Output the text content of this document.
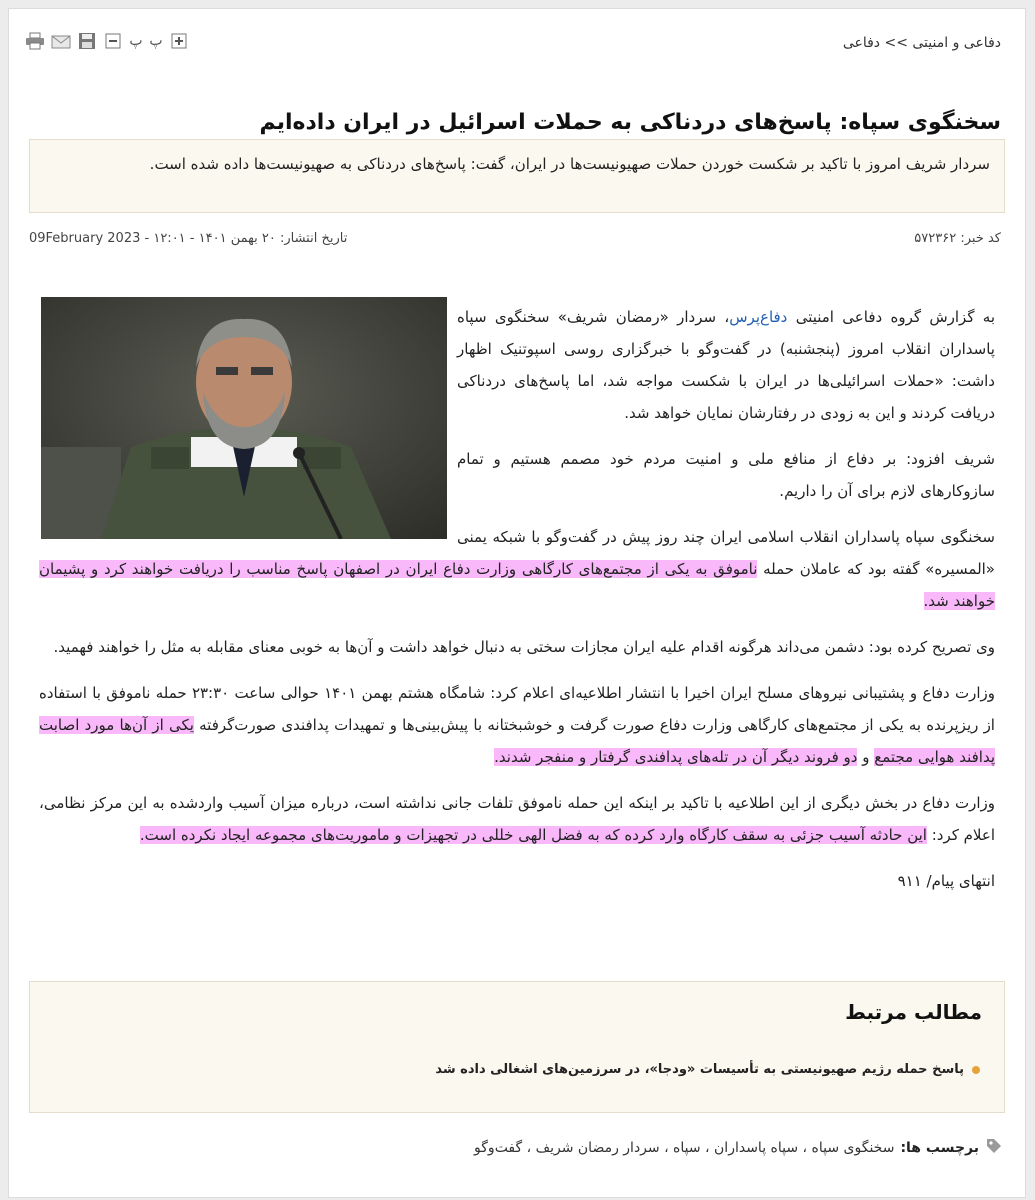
دفاعی و امنیتی >> دفاعی
پ پ
سخنگوی سپاه: پاسخ‌های دردناکی به حملات اسرائیل در ایران داده‌ایم
سردار شریف امروز با تاکید بر شکست خوردن حملات صهیونیست‌ها در ایران، گفت: پاسخ‌های دردناکی به صهیونیست‌ها داده شده است.
کد خبر: ۵۷۲۳۶۲
تاریخ انتشار: ۲۰ بهمن ۱۴۰۱ - ۱۲:۰۱ - 09February 2023

به گزارش گروه دفاعی امنیتی دفاع‌پرس، سردار «رمضان شریف» سخنگوی سپاه پاسداران انقلاب امروز (پنجشنبه) در گفت‌وگو با خبرگزاری روسی اسپوتنیک اظهار داشت: «حملات اسرائیلی‌ها در ایران با شکست مواجه شد، اما پاسخ‌های دردناکی دریافت کردند و این به زودی در رفتارشان نمایان خواهد شد.

شریف افزود: بر دفاع از منافع ملی و امنیت مردم خود مصمم هستیم و تمام سازوکارهای لازم برای آن را داریم.

سخنگوی سپاه پاسداران انقلاب اسلامی ایران چند روز پیش در گفت‌وگو با شبکه یمنی «المسیره» گفته بود که عاملان حمله ناموفق به یکی از مجتمع‌های کارگاهی وزارت دفاع ایران در اصفهان پاسخ مناسب را دریافت خواهند کرد و پشیمان خواهند شد.

وی تصریح کرده بود: دشمن می‌داند هرگونه اقدام علیه ایران مجازات سختی به دنبال خواهد داشت و آن‌ها به خوبی معنای مقابله به مثل را خواهند فهمید.

وزارت دفاع و پشتیبانی نیروهای مسلح ایران اخیرا با انتشار اطلاعیه‌ای اعلام کرد: شامگاه هشتم بهمن ۱۴۰۱ حوالی ساعت ۲۳:۳۰ حمله ناموفق با استفاده از ریزپرنده به یکی از مجتمع‌های کارگاهی وزارت دفاع صورت گرفت و خوشبختانه با پیش‌بینی‌ها و تمهیدات پدافندی صورت‌گرفته یکی از آن‌ها مورد اصابت پدافند هوایی مجتمع و دو فروند دیگر آن در تله‌های پدافندی گرفتار و منفجر شدند.

وزارت دفاع در بخش دیگری از این اطلاعیه با تاکید بر اینکه این حمله ناموفق تلفات جانی نداشته است، درباره میزان آسیب واردشده به این مرکز نظامی، اعلام کرد: این حادثه آسیب جزئی به سقف کارگاه وارد کرده که به فضل الهی خللی در تجهیزات و ماموریت‌های مجموعه ایجاد نکرده است.

انتهای پیام/ ۹۱۱

مطالب مرتبط
پاسخ حمله رژیم صهیونیستی به تأسیسات «ودجا»، در سرزمین‌های اشغالی داده شد
برچسب ها:
سخنگوی سپاه ، سپاه پاسداران ، سپاه ، سردار رمضان شریف ، گفت‌وگو
